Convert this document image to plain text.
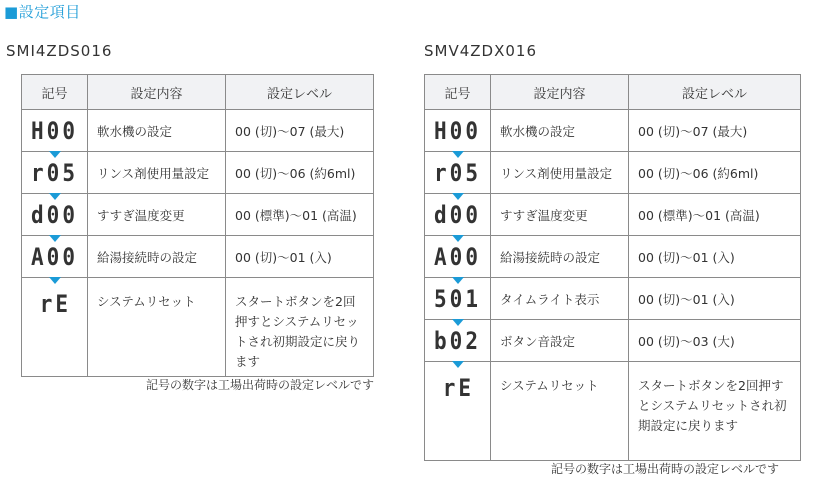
■設定項目
SMI4ZDS016
記号	設定内容	設定レベル
H00	軟水機の設定	00 (切)～07 (最大)
r05	リンス剤使用量設定	00 (切)～06 (約6ml)
d00	すすぎ温度変更	00 (標準)～01 (高温)
A00	給湯接続時の設定	00 (切)～01 (入)

rE	システムリセット	スタートボタンを2回押すとシステムリセットされ初期設定に戻ります
記号の数字は工場出荷時の設定レベルです
SMV4ZDX016
記号	設定内容	設定レベル
H00	軟水機の設定	00 (切)～07 (最大)
r05	リンス剤使用量設定	00 (切)～06 (約6ml)
d00	すすぎ温度変更	00 (標準)～01 (高温)
A00	給湯接続時の設定	00 (切)～01 (入)
501	タイムライト表示	00 (切)～01 (入)
b02	ボタン音設定	00 (切)～03 (大)

rE	システムリセット	スタートボタンを2回押すとシステムリセットされ初期設定に戻ります
記号の数字は工場出荷時の設定レベルです
